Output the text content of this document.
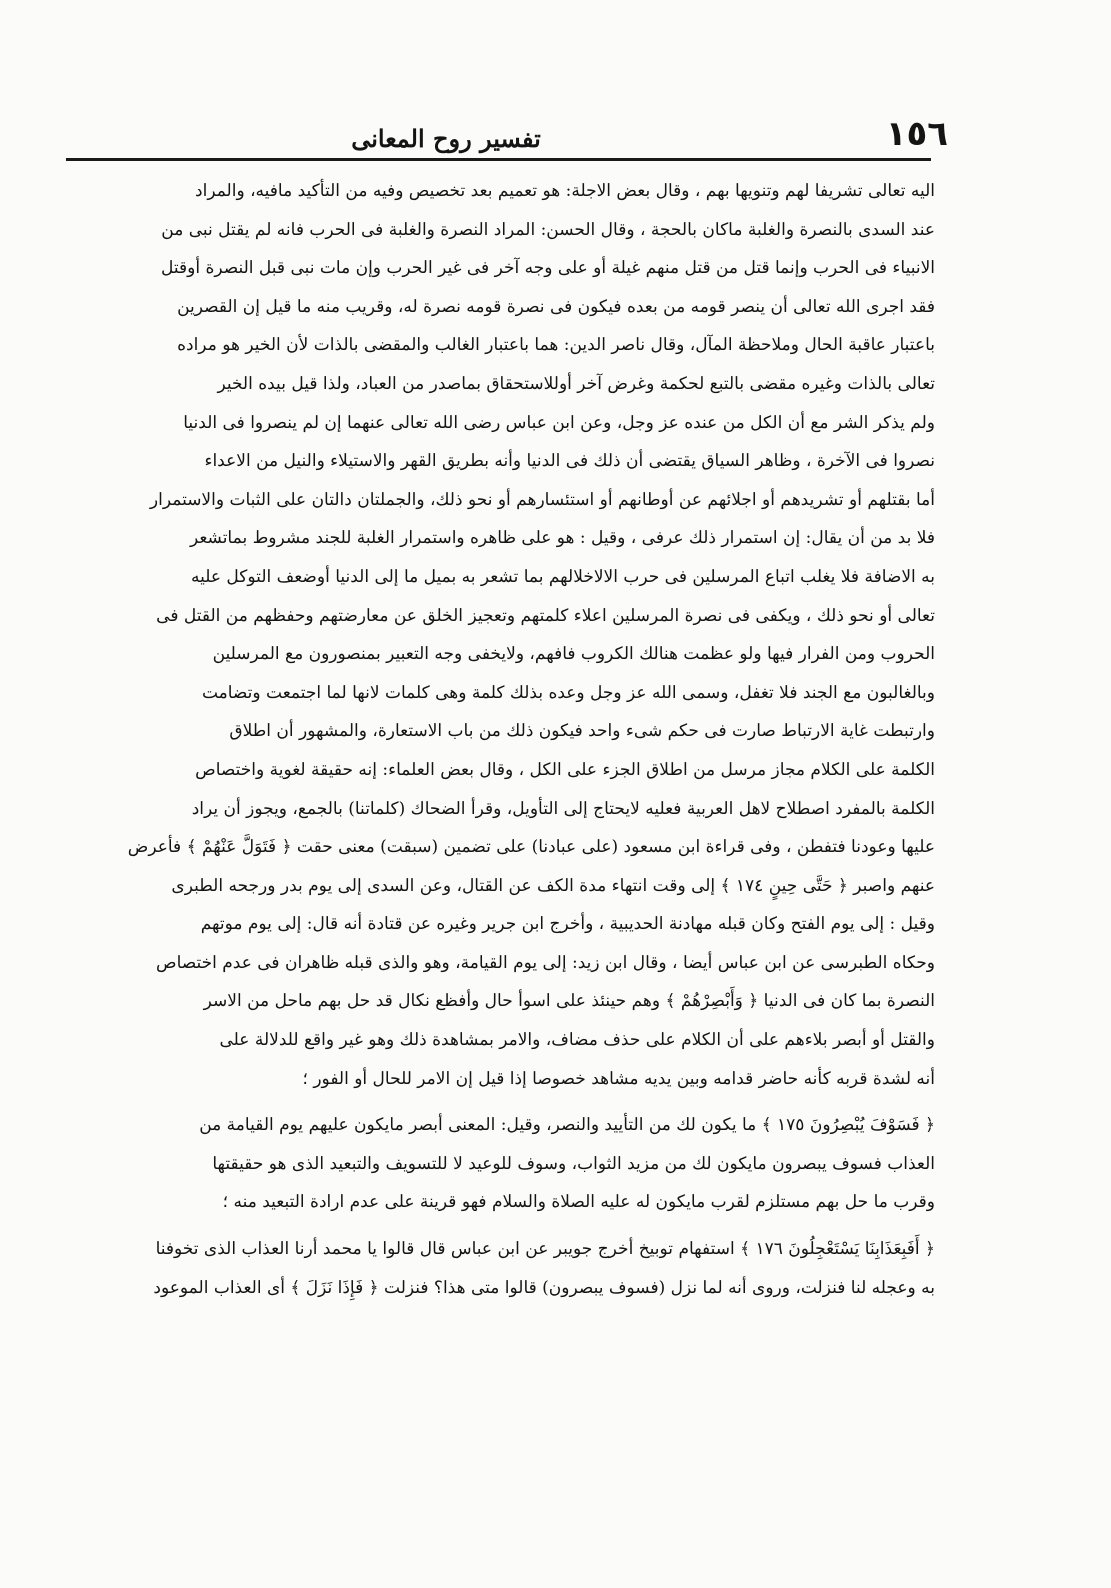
١٥٦
تفسير روح المعانى
اليه تعالى تشريفا لهم وتنويها بهم ، وقال بعض الاجلة: هو تعميم بعد تخصيص وفيه من التأكيد مافيه، والمراد
عند السدى بالنصرة والغلبة ماكان بالحجة ، وقال الحسن: المراد النصرة والغلبة فى الحرب فانه لم يقتل نبى من
الانبياء فى الحرب وإنما قتل من قتل منهم غيلة أو على وجه آخر فى غير الحرب وإن مات نبى قبل النصرة أوقتل
فقد اجرى الله تعالى أن ينصر قومه من بعده فيكون فى نصرة قومه نصرة له، وقريب منه ما قيل إن القصرين
باعتبار عاقبة الحال وملاحظة المآل، وقال ناصر الدين: هما باعتبار الغالب والمقضى بالذات لأن الخير هو مراده
تعالى بالذات وغيره مقضى بالتبع لحكمة وغرض آخر أوللاستحقاق بماصدر من العباد، ولذا قيل بيده الخير
ولم يذكر الشر مع أن الكل من عنده عز وجل، وعن ابن عباس رضى الله تعالى عنهما إن لم ينصروا فى الدنيا
نصروا فى الآخرة ، وظاهر السياق يقتضى أن ذلك فى الدنيا وأنه بطريق القهر والاستيلاء والنيل من الاعداء
أما بقتلهم أو تشريدهم أو اجلائهم عن أوطانهم أو استئسارهم أو نحو ذلك، والجملتان دالتان على الثبات والاستمرار
فلا بد من أن يقال: إن استمرار ذلك عرفى ، وقيل : هو على ظاهره واستمرار الغلبة للجند مشروط بماتشعر
به الاضافة فلا يغلب اتباع المرسلين فى حرب الالاخلالهم بما تشعر به بميل ما إلى الدنيا أوضعف التوكل عليه
تعالى أو نحو ذلك ، ويكفى فى نصرة المرسلين اعلاء كلمتهم وتعجيز الخلق عن معارضتهم وحفظهم من القتل فى
الحروب ومن الفرار فيها ولو عظمت هنالك الكروب فافهم، ولايخفى وجه التعبير بمنصورون مع المرسلين
وبالغالبون مع الجند فلا تغفل، وسمى الله عز وجل وعده بذلك كلمة وهى كلمات لانها لما اجتمعت وتضامت
وارتبطت غاية الارتباط صارت فى حكم شىء واحد فيكون ذلك من باب الاستعارة، والمشهور أن اطلاق
الكلمة على الكلام مجاز مرسل من اطلاق الجزء على الكل ، وقال بعض العلماء: إنه حقيقة لغوية واختصاص
الكلمة بالمفرد اصطلاح لاهل العربية فعليه لايحتاج إلى التأويل، وقرأ الضحاك (كلماتنا) بالجمع، ويجوز أن يراد
عليها وعودنا فتفطن ، وفى قراءة ابن مسعود (على عبادنا) على تضمين (سبقت) معنى حقت ﴿ فَتَوَلَّ عَنْهُمْ ﴾ فأعرض
عنهم واصبر ﴿ حَتَّى حِينٍ ١٧٤ ﴾ إلى وقت انتهاء مدة الكف عن القتال، وعن السدى إلى يوم بدر ورجحه الطبرى
وقيل : إلى يوم الفتح وكان قبله مهادنة الحديبية ، وأخرج ابن جرير وغيره عن قتادة أنه قال: إلى يوم موتهم
وحكاه الطبرسى عن ابن عباس أيضا ، وقال ابن زيد: إلى يوم القيامة، وهو والذى قبله ظاهران فى عدم اختصاص
النصرة بما كان فى الدنيا ﴿ وَأَبْصِرْهُمْ ﴾ وهم حينئذ على اسوأ حال وأفظع نكال قد حل بهم ماحل من الاسر
والقتل أو أبصر بلاءهم على أن الكلام على حذف مضاف، والامر بمشاهدة ذلك وهو غير واقع للدلالة على
أنه لشدة قربه كأنه حاضر قدامه وبين يديه مشاهد خصوصا إذا قيل إن الامر للحال أو الفور ؛
﴿ فَسَوْفَ يُبْصِرُونَ ١٧٥ ﴾ ما يكون لك من التأييد والنصر، وقيل: المعنى أبصر مايكون عليهم يوم القيامة من
العذاب فسوف يبصرون مايكون لك من مزيد الثواب، وسوف للوعيد لا للتسويف والتبعيد الذى هو حقيقتها
وقرب ما حل بهم مستلزم لقرب مايكون له عليه الصلاة والسلام فهو قرينة على عدم ارادة التبعيد منه ؛
﴿ أَفَبِعَذَابِنَا يَسْتَعْجِلُونَ ١٧٦ ﴾ استفهام توبيخ أخرج جويبر عن ابن عباس قال قالوا يا محمد أرنا العذاب الذى تخوفنا
به وعجله لنا فنزلت، وروى أنه لما نزل (فسوف يبصرون) قالوا متى هذا؟ فنزلت ﴿ فَإِذَا نَزَلَ ﴾ أى العذاب الموعود
